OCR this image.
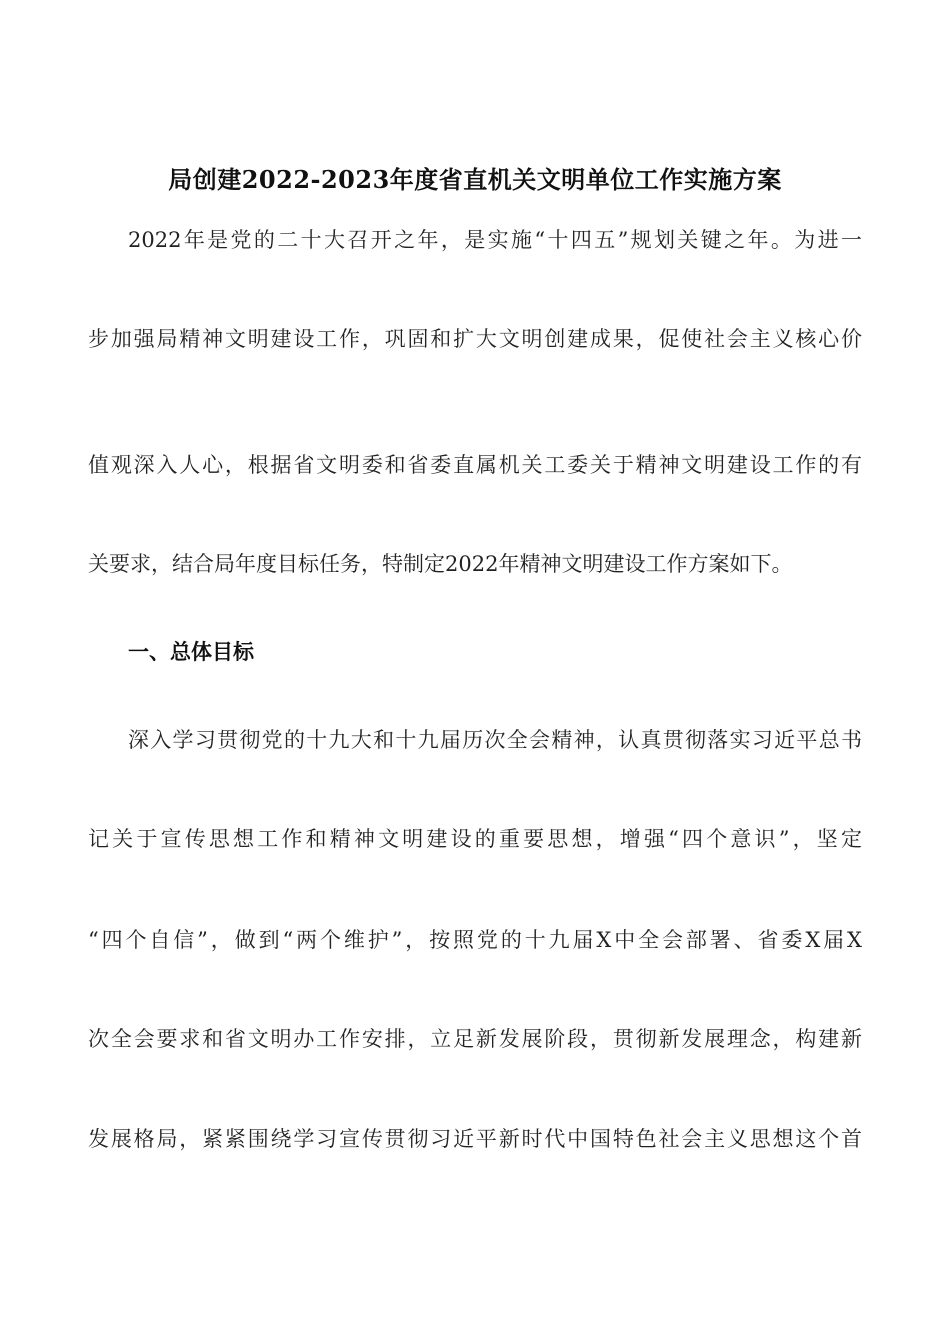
局创建2022-2023年度省直机关文明单位工作实施方案
2022年是党的二十大召开之年，是实施“十四五”规划关键之年。为进一
步加强局精神文明建设工作，巩固和扩大文明创建成果，促使社会主义核心价
值观深入人心，根据省文明委和省委直属机关工委关于精神文明建设工作的有
关要求，结合局年度目标任务，特制定2022年精神文明建设工作方案如下。
一、总体目标
深入学习贯彻党的十九大和十九届历次全会精神，认真贯彻落实习近平总书
记关于宣传思想工作和精神文明建设的重要思想，增强“四个意识”，坚定
“四个自信”，做到“两个维护”，按照党的十九届X中全会部署、省委X届X
次全会要求和省文明办工作安排，立足新发展阶段，贯彻新发展理念，构建新
发展格局，紧紧围绕学习宣传贯彻习近平新时代中国特色社会主义思想这个首
